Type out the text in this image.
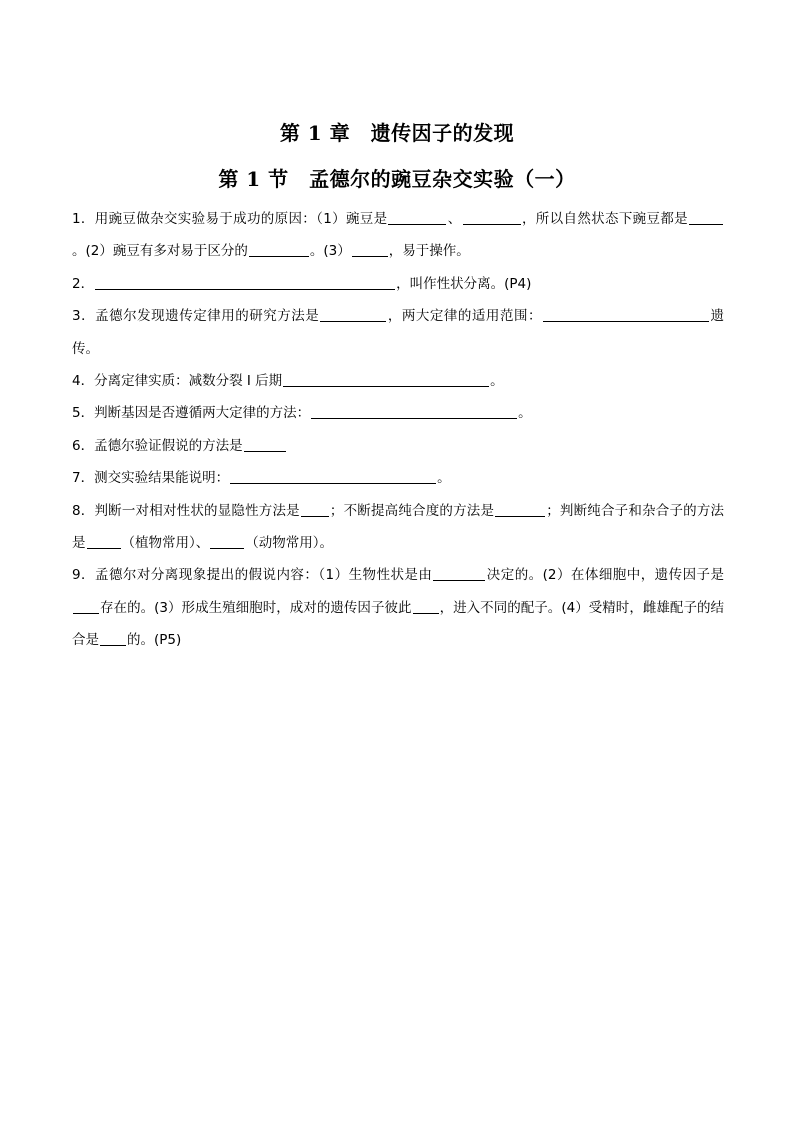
第 1 章　遗传因子的发现
第 1 节　孟德尔的豌豆杂交实验（一）

1．用豌豆做杂交实验易于成功的原因：（1）豌豆是	、	，所以自然状态下豌豆都是。(2）豌豆有多对易于区分的	。(3）	，易于操作。

2．	，叫作性状分离。(P4)

3．孟德尔发现遗传定律用的研究方法是	，两大定律的适用范围：	遗传。

4．分离定律实质：减数分裂 I 后期	。

5．判断基因是否遵循两大定律的方法：	。

6．孟德尔验证假说的方法是

7．测交实验结果能说明：	。

8．判断一对相对性状的显隐性方法是 ；不断提高纯合度的方法是	；判断纯合子和杂合子的方法是	（植物常用）、	（动物常用）。

9．孟德尔对分离现象提出的假说内容：（1）生物性状是由	决定的。(2）在体细胞中，遗传因子是存在的。(3）形成生殖细胞时，成对的遗传因子彼此 ，进入不同的配子。(4）受精时，雌雄配子的结合是 的。(P5)
